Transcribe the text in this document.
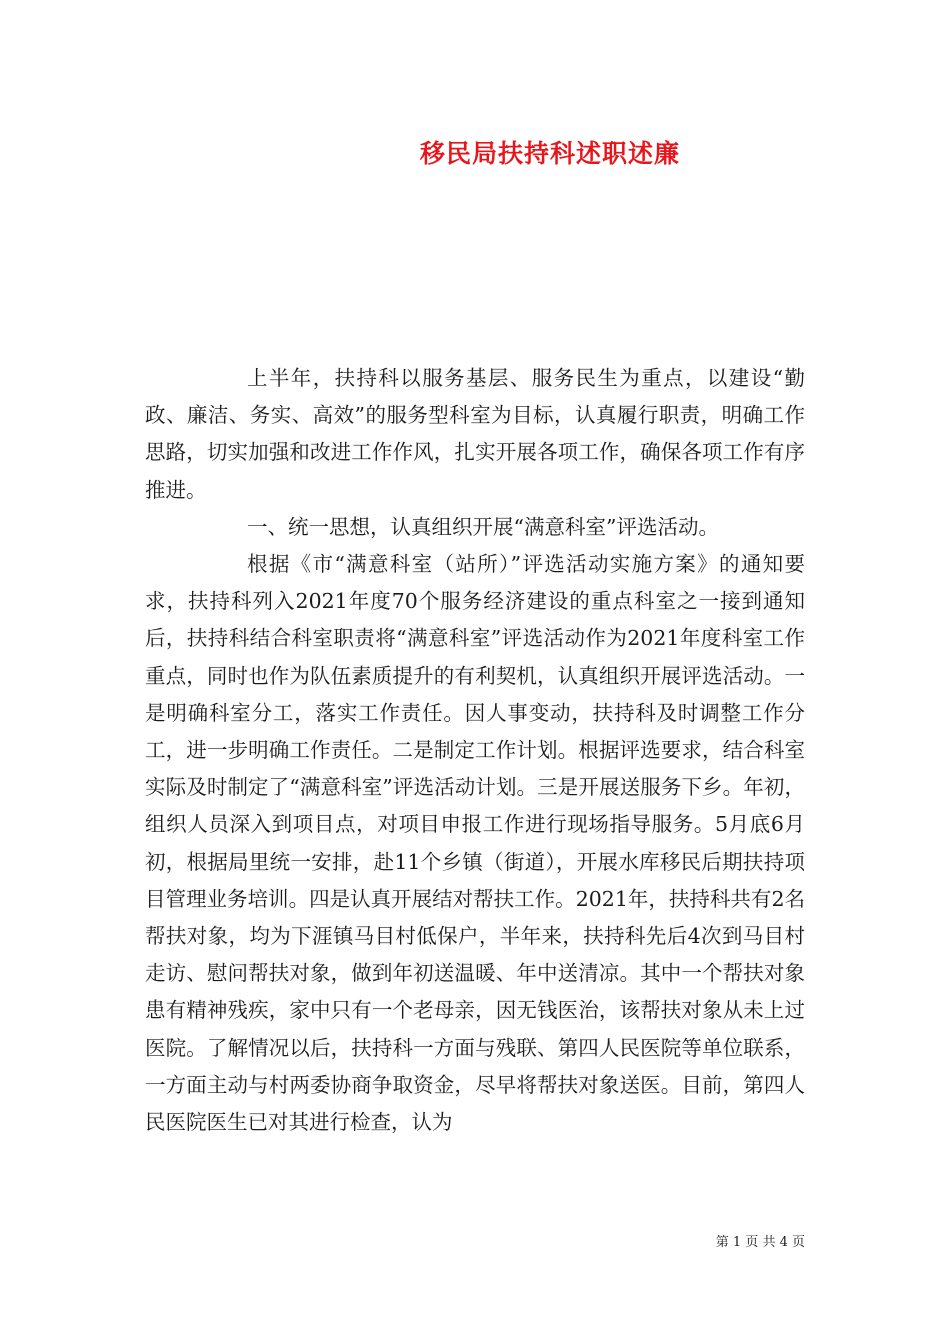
移民局扶持科述职述廉

上半年，扶持科以服务基层、服务民生为重点，以建设“勤政、廉洁、务实、高效”的服务型科室为目标，认真履行职责，明确工作思路，切实加强和改进工作作风，扎实开展各项工作，确保各项工作有序推进。

一、统一思想，认真组织开展“满意科室”评选活动。

根据《市“满意科室（站所）”评选活动实施方案》的通知要求，扶持科列入2021年度70个服务经济建设的重点科室之一接到通知后，扶持科结合科室职责将“满意科室”评选活动作为2021年度科室工作重点，同时也作为队伍素质提升的有利契机，认真组织开展评选活动。一是明确科室分工，落实工作责任。因人事变动，扶持科及时调整工作分工，进一步明确工作责任。二是制定工作计划。根据评选要求，结合科室实际及时制定了“满意科室”评选活动计划。三是开展送服务下乡。年初，组织人员深入到项目点，对项目申报工作进行现场指导服务。5月底6月初，根据局里统一安排，赴11个乡镇（街道），开展水库移民后期扶持项目管理业务培训。四是认真开展结对帮扶工作。2021年，扶持科共有2名帮扶对象，均为下涯镇马目村低保户，半年来，扶持科先后4次到马目村走访、慰问帮扶对象，做到年初送温暖、年中送清凉。其中一个帮扶对象患有精神残疾，家中只有一个老母亲，因无钱医治，该帮扶对象从未上过医院。了解情况以后，扶持科一方面与残联、第四人民医院等单位联系，一方面主动与村两委协商争取资金，尽早将帮扶对象送医。目前，第四人民医院医生已对其进行检查，认为

第 1 页 共 4 页
